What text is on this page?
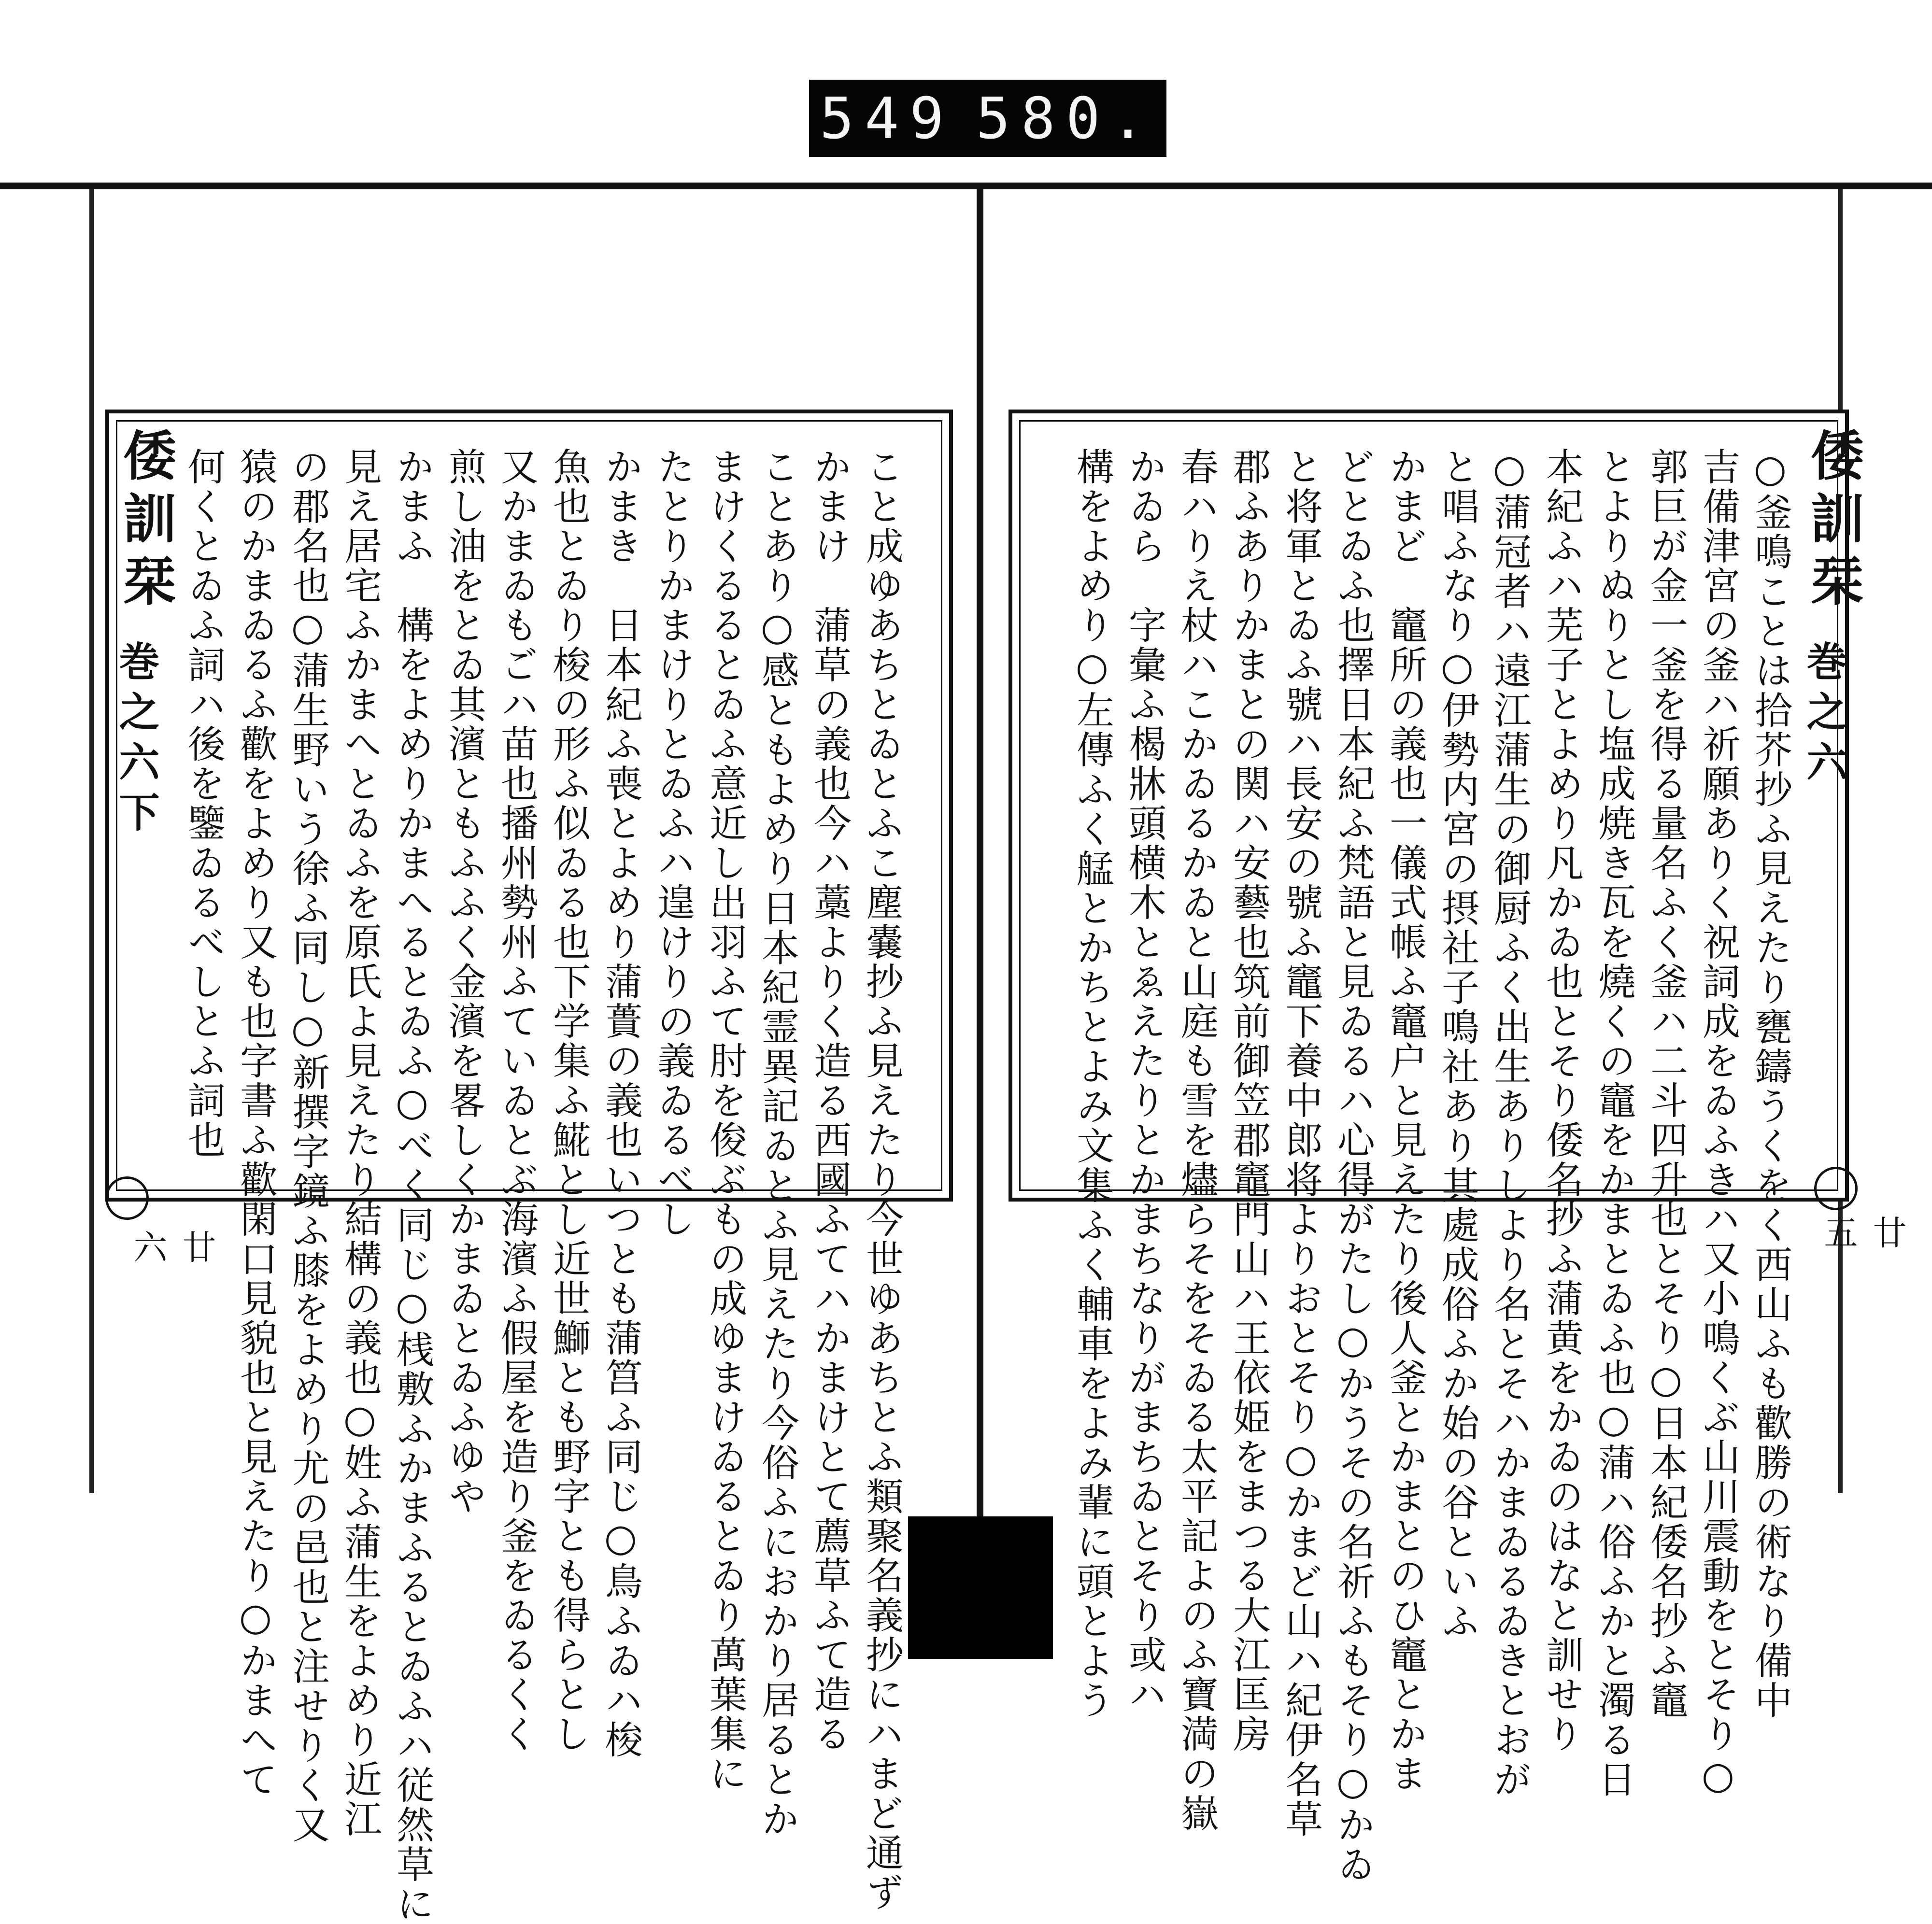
549 580.
倭訓栞
巻之六下
廿六	こと成ゆあちとゐとふこ塵嚢抄ふ見えたり今世ゆあちとふ類聚名義抄にハまど通ず
かまけ　蒲草の義也今ハ藁よりく造る西國ふてハかまけとて薦草ふて造る
ことあり○感ともよめり日本紀霊異記ゐとふ見えたり今俗ふにおかり居るとか
まけくるるとゐふ意近し出羽ふて肘を俊ぶもの成ゆまけゐるとゐり萬葉集に
たとりかまけりとゐふハ遑けりの義ゐるべし
かまき　日本紀ふ喪とよめり蒲蕢の義也いつとも蒲筥ふ同じ○鳥ふゐハ梭
魚也とゐり梭の形ふ似ゐる也下学集ふ𩸽とし近世鰤とも野字とも得らとし
又かまゐもごハ苗也播州勢州ふていゐとぶ海濱ふ假屋を造り釜をゐるくく
煎し油をとゐ其濱ともふふく金濱を畧しくかまゐとゐふゆや
かまふ　構をよめりかまへるとゐふ○べく同じ○桟敷ふかまふるとゐふハ従然草に
見え居宅ふかまへとゐふを原氏よ見えたり結構の義也○姓ふ蒲生をよめり近江
の郡名也○蒲生野いう徐ふ同し○新撰字鏡ふ膝をよめり尤の邑也と注せりく又
猿のかまゐるふ歡をよめり又も也字書ふ歡閑口見貌也と見えたり○かまへて
何くとゐふ詞ハ後を鑒ゐるべしとふ詞也	倭訓栞
巻之六
廿五
○釜鳴ことは拾芥抄ふ見えたり甕鑄うくをく西山ふも歡勝の術なり備中
吉備津宮の釜ハ祈願ありく祝詞成をゐふきハ又小鳴くぶ山川震動をとそり○
郭巨が金一釜を得る量名ふく釜ハ二斗四升也とそり○日本紀倭名抄ふ竈
とよりぬりとし塩成焼き瓦を燒くの竈をかまとゐふ也○蒲ハ俗ふかと濁る日
本紀ふハ芜子とよめり凡かゐ也とそり倭名抄ふ蒲黄をかゐのはなと訓せり
○蒲冠者ハ遠江蒲生の御厨ふく出生ありしより名とそハかまゐるゐきとおが
と唱ふなり○伊勢内宮の摂社子鳴社あり其處成俗ふか始の谷といふ
かまど　竈所の義也一儀式帳ふ竈户と見えたり後人釜とかまとのひ竈とかま
どとゐふ也擇日本紀ふ梵語と見ゐるハ心得がたし○かうその名祈ふもそり○かゐ
と将軍とゐふ號ハ長安の號ふ竈下養中郎将よりおとそり○かまど山ハ紀伊名草
郡ふありかまとの関ハ安藝也筑前御笠郡竈門山ハ王依姫をまつる大江匡房
春ハりえ杖ハこかゐるかゐと山庭も雪を燼らそをそゐる太平記よのふ寶満の嶽
かゐら　字彙ふ楬牀頭横木とゑえたりとかまちなりがまちゐとそり或ハ
構をよめり○左傳ふく艋とかちとよみ文集ふく輔車をよみ輩に頭とよう
